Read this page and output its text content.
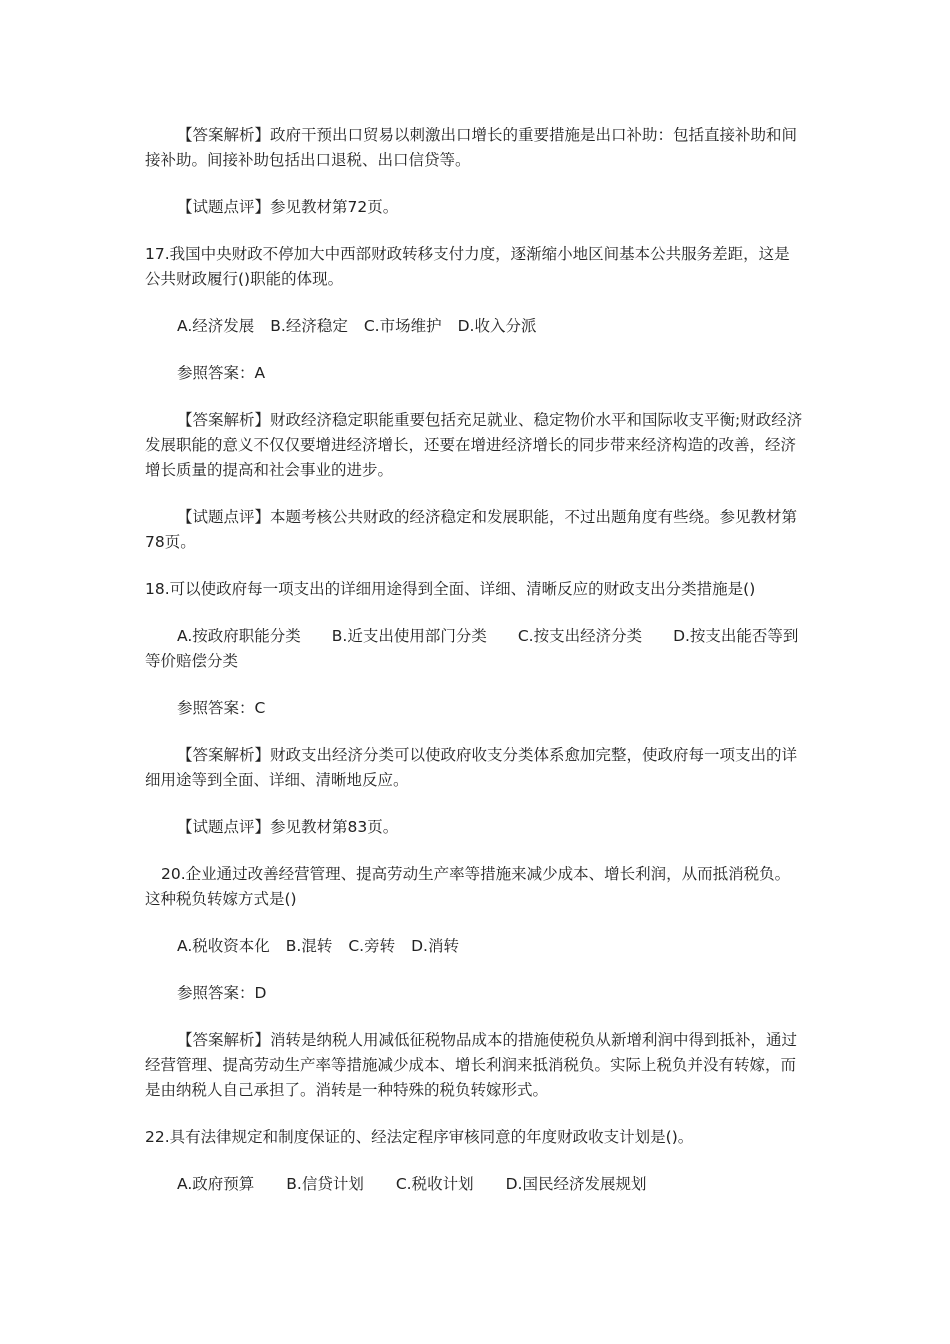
【答案解析】政府干预出口贸易以刺激出口增长的重要措施是出口补助：包括直接补助和间接补助。间接补助包括出口退税、出口信贷等。

【试题点评】参见教材第72页。

17.我国中央财政不停加大中西部财政转移支付力度，逐渐缩小地区间基本公共服务差距，这是公共财政履行()职能的体现。

A.经济发展 B.经济稳定 C.市场维护 D.收入分派

参照答案：A

【答案解析】财政经济稳定职能重要包括充足就业、稳定物价水平和国际收支平衡;财政经济发展职能的意义不仅仅要增进经济增长，还要在增进经济增长的同步带来经济构造的改善，经济增长质量的提高和社会事业的进步。

【试题点评】本题考核公共财政的经济稳定和发展职能，不过出题角度有些绕。参见教材第78页。

18.可以使政府每一项支出的详细用途得到全面、详细、清晰反应的财政支出分类措施是()

A.按政府职能分类　　B.近支出使用部门分类　　C.按支出经济分类　　D.按支出能否等到等价赔偿分类

参照答案：C

【答案解析】财政支出经济分类可以使政府收支分类体系愈加完整，使政府每一项支出的详细用途等到全面、详细、清晰地反应。

【试题点评】参见教材第83页。

20.企业通过改善经营管理、提高劳动生产率等措施来减少成本、增长利润，从而抵消税负。这种税负转嫁方式是()

A.税收资本化 B.混转 C.旁转 D.消转

参照答案：D

【答案解析】消转是纳税人用减低征税物品成本的措施使税负从新增利润中得到抵补，通过经营管理、提高劳动生产率等措施减少成本、增长利润来抵消税负。实际上税负并没有转嫁，而是由纳税人自己承担了。消转是一种特殊的税负转嫁形式。

22.具有法律规定和制度保证的、经法定程序审核同意的年度财政收支计划是()。

A.政府预算 B.信贷计划 C.税收计划 D.国民经济发展规划
